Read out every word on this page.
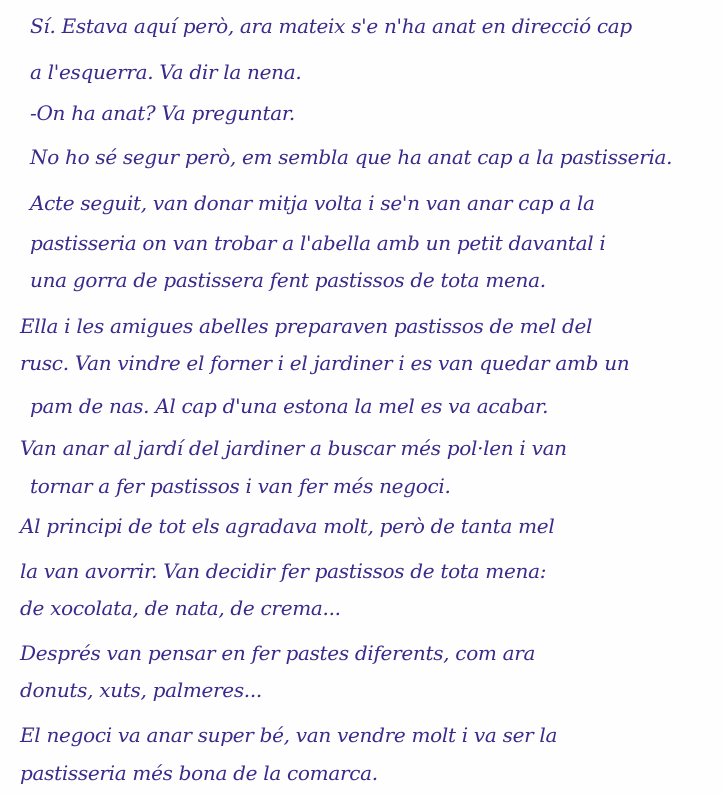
Sí. Estava aquí però, ara mateix s'e n'ha anat en direcció cap
a l'esquerra. Va dir la nena.
-On ha anat? Va preguntar.
No ho sé segur però, em sembla que ha anat cap a la pastisseria.
Acte seguit, van donar mitja volta i se'n van anar cap a la
pastisseria on van trobar a l'abella amb un petit davantal i
una gorra de pastissera fent pastissos de tota mena.
Ella i les amigues abelles preparaven pastissos de mel del
rusc. Van vindre el forner i el jardiner i es van quedar amb un
pam de nas. Al cap d'una estona la mel es va acabar.
Van anar al jardí del jardiner a buscar més pol·len i van
tornar a fer pastissos i van fer més negoci.
Al principi de tot els agradava molt, però de tanta mel
la van avorrir. Van decidir fer pastissos de tota mena:
de xocolata, de nata, de crema...
Després van pensar en fer pastes diferents, com ara
donuts, xuts, palmeres...
El negoci va anar super bé, van vendre molt i va ser la
pastisseria més bona de la comarca.
